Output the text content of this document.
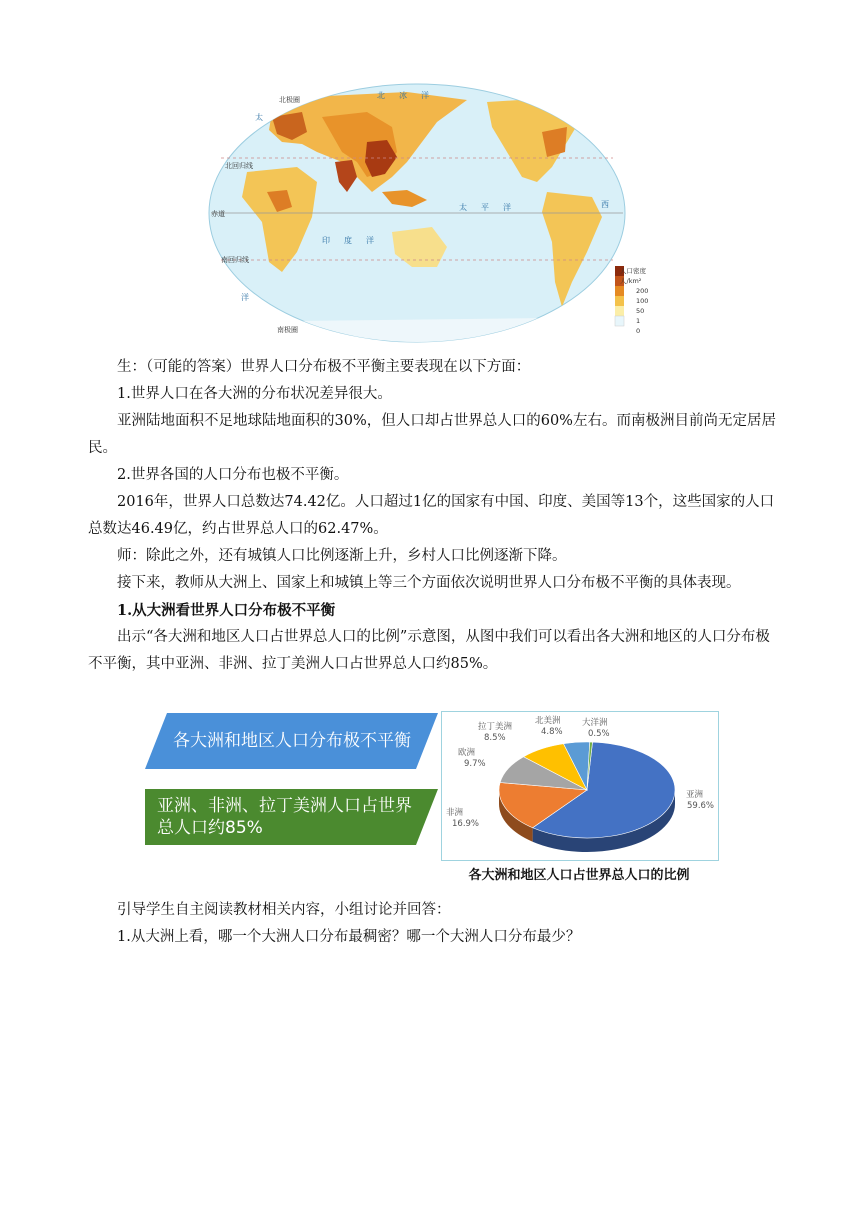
北极圈
北回归线
赤道
南回归线
南极圈
北冰洋
太
太平洋	西
印度洋
洋
人口密度
人/km²
200
100
50
1
0

生：（可能的答案）世界人口分布极不平衡主要表现在以下方面：

1.世界人口在各大洲的分布状况差异很大。

亚洲陆地面积不足地球陆地面积的30%，但人口却占世界总人口的60%左右。而南极洲目前尚无定居居民。

2.世界各国的人口分布也极不平衡。

2016年，世界人口总数达74.42亿。人口超过1亿的国家有中国、印度、美国等13个，这些国家的人口总数达46.49亿，约占世界总人口的62.47%。

师：除此之外，还有城镇人口比例逐渐上升，乡村人口比例逐渐下降。

接下来，教师从大洲上、国家上和城镇上等三个方面依次说明世界人口分布极不平衡的具体表现。

1.从大洲看世界人口分布极不平衡

出示“各大洲和地区人口占世界总人口的比例”示意图，从图中我们可以看出各大洲和地区的人口分布极不平衡，其中亚洲、非洲、拉丁美洲人口占世界总人口约85%。

各大洲和地区人口分布极不平衡
亚洲、非洲、拉丁美洲人口占世界
总人口约85%
亚洲
59.6%
非洲
16.9%
欧洲
9.7%
拉丁美洲
8.5%
北美洲
4.8%
大洋洲
0.5%
各大洲和地区人口占世界总人口的比例

引导学生自主阅读教材相关内容，小组讨论并回答：

1.从大洲上看，哪一个大洲人口分布最稠密？哪一个大洲人口分布最少？
